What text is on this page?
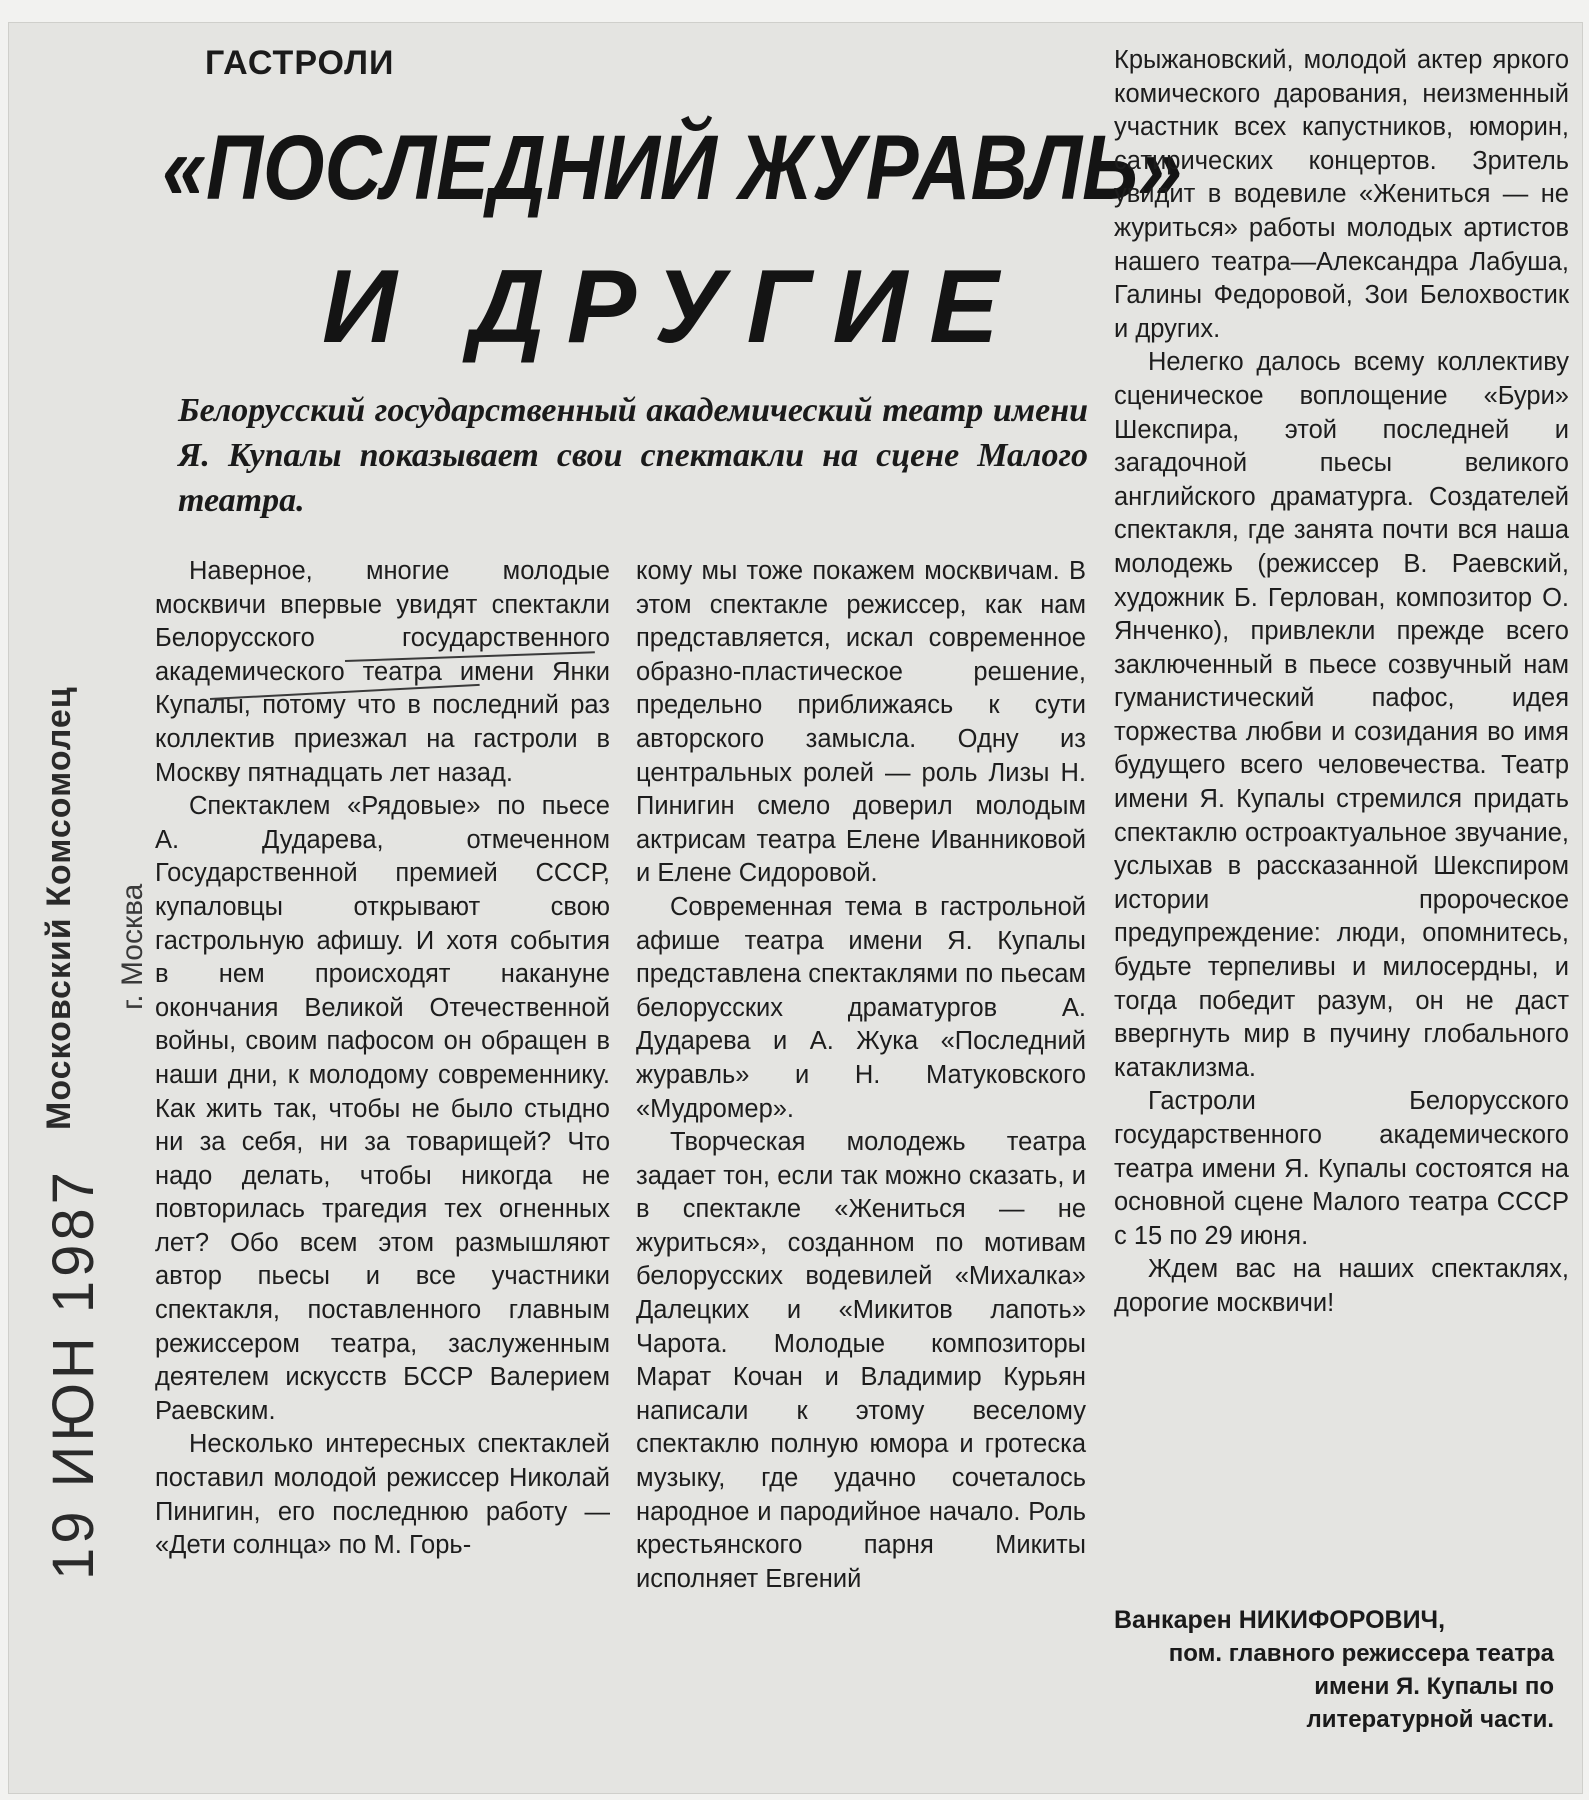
Московский Комсомолец г. Москва
19 ИЮН 1987
ГАСТРОЛИ
«ПОСЛЕДНИЙ ЖУРАВЛЬ»
И ДРУГИЕ
Белорусский государственный академический театр имени Я. Купалы показывает свои спектакли на сцене Малого театра.

Наверное, многие молодые москвичи впервые увидят спектакли Белорусского государственного академического театра имени Янки Купалы, потому что в последний раз коллектив приезжал на гастроли в Москву пятнадцать лет назад.

Спектаклем «Рядовые» по пьесе А. Дударева, отмеченном Государственной премией СССР, купаловцы открывают свою гастрольную афишу. И хотя события в нем происходят накануне окончания Великой Отечественной войны, своим пафосом он обращен в наши дни, к молодому современнику. Как жить так, чтобы не было стыдно ни за себя, ни за товарищей? Что надо делать, чтобы никогда не повторилась трагедия тех огненных лет? Обо всем этом размышляют автор пьесы и все участники спектакля, поставленного главным режиссером театра, заслуженным деятелем искусств БССР Валерием Раевским.

Несколько интересных спектаклей поставил молодой режиссер Николай Пинигин, его последнюю работу — «Дети солнца» по М. Горь-

кому мы тоже покажем москвичам. В этом спектакле режиссер, как нам представляется, искал современное образно-пластическое решение, предельно приближаясь к сути авторского замысла. Одну из центральных ролей — роль Лизы Н. Пинигин смело доверил молодым актрисам театра Елене Иванниковой и Елене Сидоровой.

Современная тема в гастрольной афише театра имени Я. Купалы представлена спектаклями по пьесам белорусских драматургов А. Дударева и А. Жука «Последний журавль» и Н. Матуковского «Мудромер».

Творческая молодежь театра задает тон, если так можно сказать, и в спектакле «Жениться — не журиться», созданном по мотивам белорусских водевилей «Михалка» Далецких и «Микитов лапоть» Чарота. Молодые композиторы Марат Кочан и Владимир Курьян написали к этому веселому спектаклю полную юмора и гротеска музыку, где удачно сочеталось народное и пародийное начало. Роль крестьянского парня Микиты исполняет Евгений

Крыжановский, молодой актер яркого комического дарования, неизменный участник всех капустников, юморин, сатирических концертов. Зритель увидит в водевиле «Жениться — не журиться» работы молодых артистов нашего театра—Александра Лабуша, Галины Федоровой, Зои Белохвостик и других.

Нелегко далось всему коллективу сценическое воплощение «Бури» Шекспира, этой последней и загадочной пьесы великого английского драматурга. Создателей спектакля, где занята почти вся наша молодежь (режиссер В. Раевский, художник Б. Герлован, композитор О. Янченко), привлекли прежде всего заключенный в пьесе созвучный нам гуманистический пафос, идея торжества любви и созидания во имя будущего всего человечества. Театр имени Я. Купалы стремился придать спектаклю остроактуальное звучание, услыхав в рассказанной Шекспиром истории пророческое предупреждение: люди, опомнитесь, будьте терпеливы и милосердны, и тогда победит разум, он не даст ввергнуть мир в пучину глобального катаклизма.

Гастроли Белорусского государственного академического театра имени Я. Купалы состоятся на основной сцене Малого театра СССР с 15 по 29 июня.

Ждем вас на наших спектаклях, дорогие москвичи!

Ванкарен НИКИФОРОВИЧ,
пом. главного режиссера театра имени Я. Купалы по литературной части.
